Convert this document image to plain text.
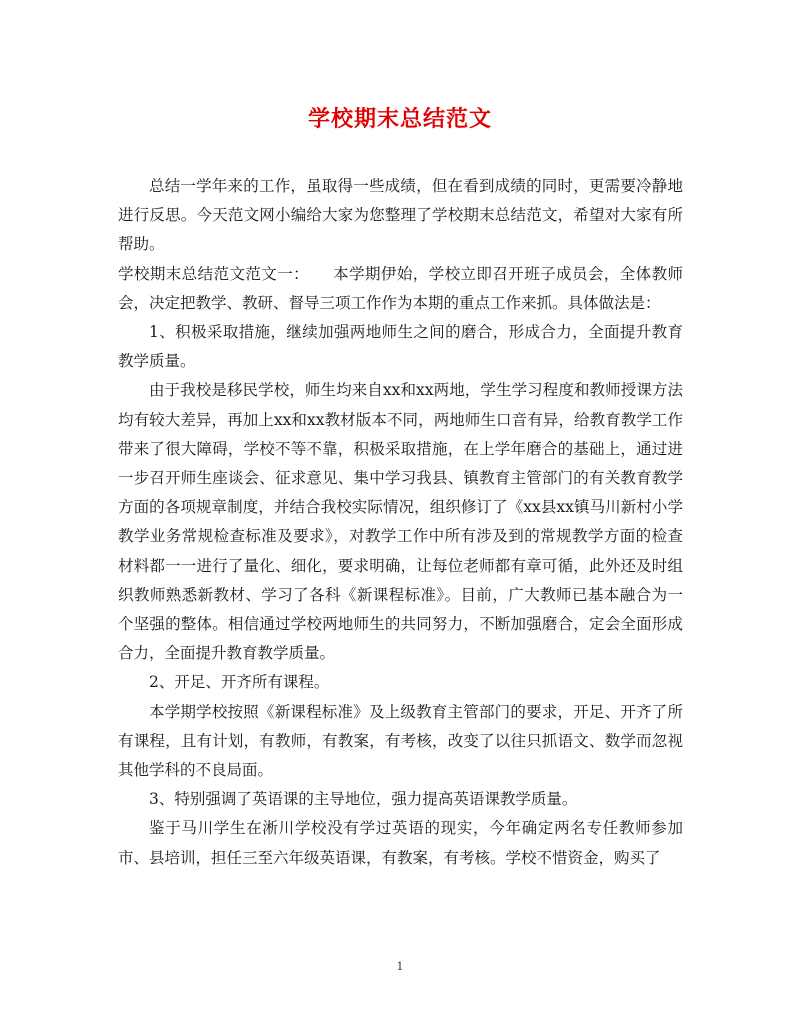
学校期末总结范文

总结一学年来的工作，虽取得一些成绩，但在看到成绩的同时，更需要冷静地进行反思。今天范文网小编给大家为您整理了学校期末总结范文，希望对大家有所帮助。

学校期末总结范文范文一：　　本学期伊始，学校立即召开班子成员会，全体教师会，决定把教学、教研、督导三项工作作为本期的重点工作来抓。具体做法是：

1、积极采取措施，继续加强两地师生之间的磨合，形成合力，全面提升教育教学质量。

由于我校是移民学校，师生均来自xx和xx两地，学生学习程度和教师授课方法均有较大差异，再加上xx和xx教材版本不同，两地师生口音有异，给教育教学工作带来了很大障碍，学校不等不靠，积极采取措施，在上学年磨合的基础上，通过进一步召开师生座谈会、征求意见、集中学习我县、镇教育主管部门的有关教育教学方面的各项规章制度，并结合我校实际情况，组织修订了《xx县xx镇马川新村小学教学业务常规检查标准及要求》，对教学工作中所有涉及到的常规教学方面的检查材料都一一进行了量化、细化，要求明确，让每位老师都有章可循，此外还及时组织教师熟悉新教材、学习了各科《新课程标准》。目前，广大教师已基本融合为一个坚强的整体。相信通过学校两地师生的共同努力，不断加强磨合，定会全面形成合力，全面提升教育教学质量。

2、开足、开齐所有课程。

本学期学校按照《新课程标准》及上级教育主管部门的要求，开足、开齐了所有课程，且有计划，有教师，有教案，有考核，改变了以往只抓语文、数学而忽视其他学科的不良局面。

3、特别强调了英语课的主导地位，强力提高英语课教学质量。

鉴于马川学生在淅川学校没有学过英语的现实，今年确定两名专任教师参加市、县培训，担任三至六年级英语课，有教案，有考核。学校不惜资金，购买了

1
